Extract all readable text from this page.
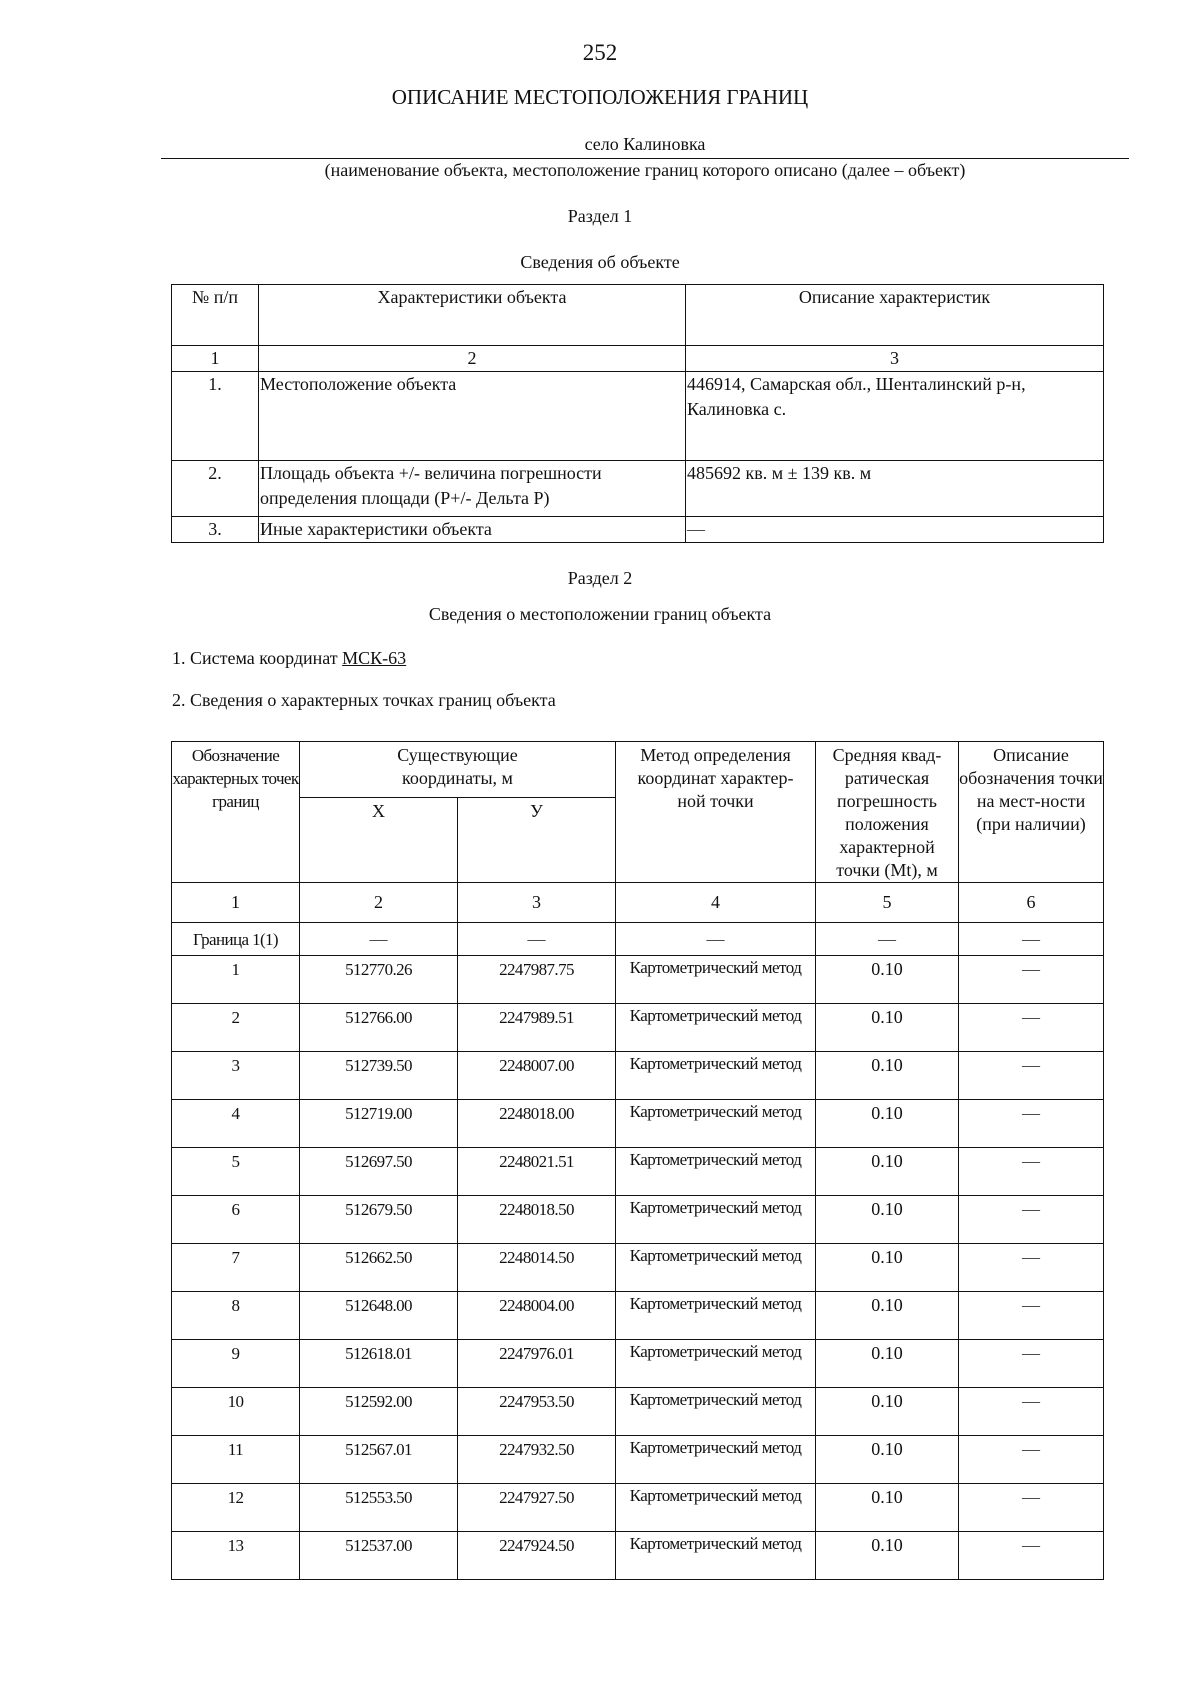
252
ОПИСАНИЕ МЕСТОПОЛОЖЕНИЯ ГРАНИЦ
село Калиновка
(наименование объекта, местоположение границ которого описано (далее – объект)
Раздел 1
Сведения об объекте
№ п/п	Характеристики объекта	Описание характеристик
1	2	3
1.	Местоположение объекта	446914, Самарская обл., Шенталинский р-н, Калиновка с.
2.	Площадь объекта +/- величина погрешности определения площади (Р+/- Дельта Р)	485692 кв. м ± 139 кв. м
3.	Иные характеристики объекта	—
Раздел 2
Сведения о местоположении границ объекта
1. Система координат МСК-63
2. Сведения о характерных точках границ объекта
Обозначение характерных точек границ	Существующие координаты, м		Метод определения координат характер-ной точки	Средняя квад-ратическая погрешность положения характерной точки (Mt), м	Описание обозначения точки на мест-ности (при наличии)
	X	У			
1	2	3	4	5	6
Граница 1(1)	—	—	—	—	—
1	512770.26	2247987.75	Картометрический метод	0.10	—
2	512766.00	2247989.51	Картометрический метод	0.10	—
3	512739.50	2248007.00	Картометрический метод	0.10	—
4	512719.00	2248018.00	Картометрический метод	0.10	—
5	512697.50	2248021.51	Картометрический метод	0.10	—
6	512679.50	2248018.50	Картометрический метод	0.10	—
7	512662.50	2248014.50	Картометрический метод	0.10	—
8	512648.00	2248004.00	Картометрический метод	0.10	—
9	512618.01	2247976.01	Картометрический метод	0.10	—
10	512592.00	2247953.50	Картометрический метод	0.10	—
11	512567.01	2247932.50	Картометрический метод	0.10	—
12	512553.50	2247927.50	Картометрический метод	0.10	—
13	512537.00	2247924.50	Картометрический метод	0.10	—
